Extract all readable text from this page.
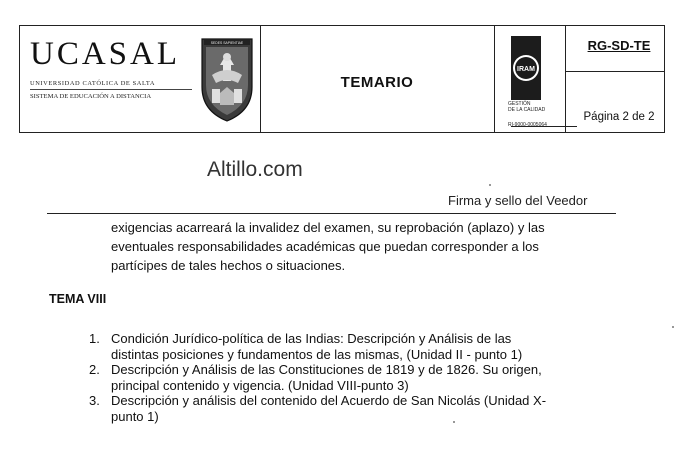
UCASAL
UNIVERSIDAD CATÓLICA DE SALTA
SISTEMA DE EDUCACIÓN A DISTANCIA
SEDES SAPIENTIAE
TEMARIO
IRAM
GESTIÓN
DE LA CALIDAD
RI-9000-0005064
RG-SD-TE
Página 2 de 2
Altillo.com
Firma y sello del Veedor
exigencias acarreará la invalidez del examen, su reprobación (aplazo) y las
eventuales responsabilidades académicas que puedan corresponder a los
partícipes de tales hechos o situaciones.
TEMA VIII
1. Condición Jurídico-política de las Indias: Descripción y Análisis de las
distintas posiciones y fundamentos de las mismas, (Unidad II - punto 1)
2. Descripción y Análisis de las Constituciones de 1819 y de 1826. Su origen,
principal contenido y vigencia. (Unidad VIII-punto 3)
3. Descripción y análisis del contenido del Acuerdo de San Nicolás (Unidad X-
punto 1)
